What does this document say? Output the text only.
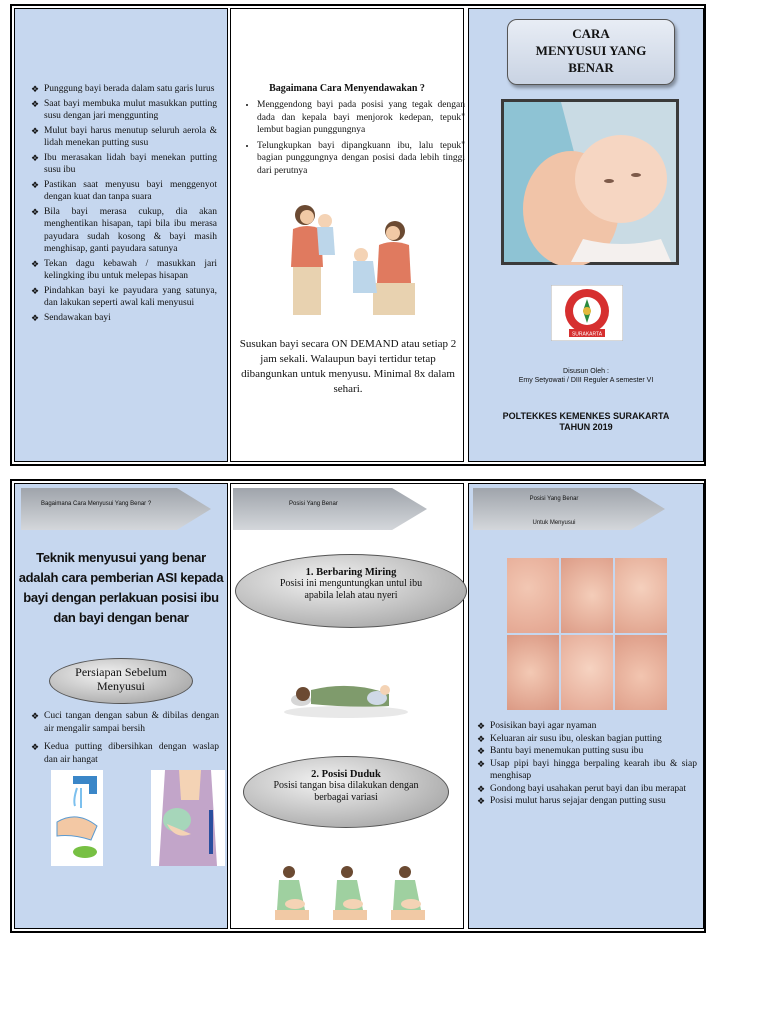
❖ Punggung bayi berada dalam satu garis lurus
❖ Saat bayi membuka mulut masukkan putting susu dengan jari menggunting
❖ Mulut bayi harus menutup seluruh aerola & lidah menekan putting susu
❖ Ibu merasakan lidah bayi menekan putting susu ibu
❖ Pastikan saat menyusu bayi menggenyot dengan kuat dan tanpa suara
❖ Bila bayi merasa cukup, dia akan menghentikan hisapan, tapi bila ibu merasa payudara sudah kosong & bayi masih menghisap, ganti payudara satunya
❖ Tekan dagu kebawah / masukkan jari kelingking ibu untuk melepas hisapan
❖ Pindahkan bayi ke payudara yang satunya, dan lakukan seperti awal kali menyusui
❖ Sendawakan bayi
Bagaimana Cara Menyendawakan ?
• Menggendong bayi pada posisi yang tegak dengan dada dan kepala bayi menjorok kedepan, tepuk" lembut bagian punggungnya
• Telungkupkan bayi dipangkuann ibu, lalu tepuk" bagian punggungnya dengan posisi dada lebih tinggi dari perutnya
Susukan bayi secara ON DEMAND atau setiap 2 jam sekali. Walaupun bayi tertidur tetap dibangunkan untuk menyusu. Minimal 8x dalam sehari.
CARA
MENYUSUI YANG
BENAR
SURAKARTA
Disusun Oleh :
Emy Setyowati / DIII Reguler A semester VI
POLTEKKES KEMENKES SURAKARTA
TAHUN 2019
Bagaimana Cara Menyusui Yang Benar ?
Teknik menyusui yang benar adalah cara pemberian ASI kepada bayi dengan perlakuan posisi ibu dan bayi dengan benar
Persiapan Sebelum Menyusui
❖ Cuci tangan dengan sabun & dibilas dengan air mengalir sampai bersih
❖ Kedua putting dibersihkan dengan waslap dan air hangat
Posisi Yang Benar
1. Berbaring Miring
Posisi ini menguntungkan untul ibu apabila lelah atau nyeri
2. Posisi Duduk
Posisi tangan bisa dilakukan dengan berbagai variasi
Posisi Yang Benar
Untuk Menyusui
❖ Posisikan bayi agar nyaman
❖ Keluaran air susu ibu, oleskan bagian putting
❖ Bantu bayi menemukan putting susu ibu
❖ Usap pipi bayi hingga berpaling kearah ibu & siap menghisap
❖ Gondong bayi usahakan perut bayi dan ibu merapat
❖ Posisi mulut harus sejajar dengan putting susu
